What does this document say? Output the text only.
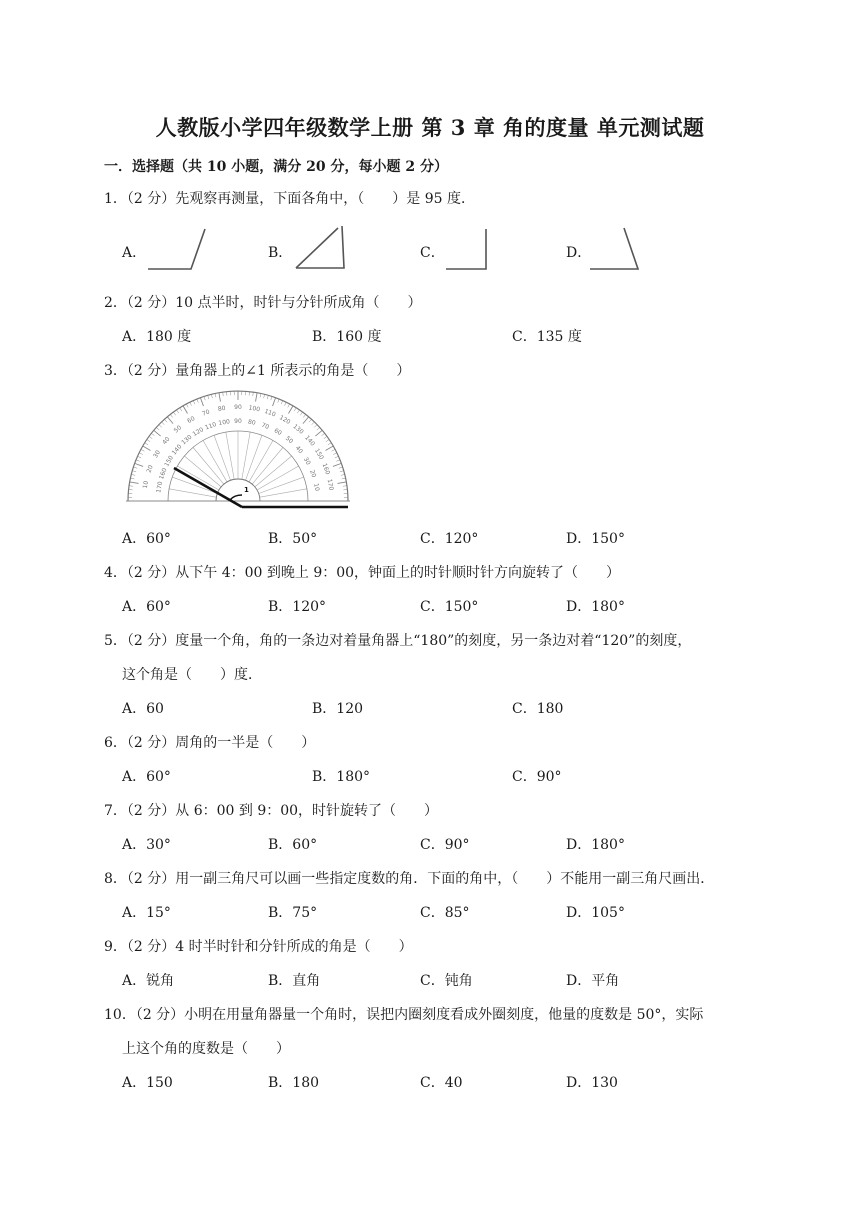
人教版小学四年级数学上册 第 3 章 角的度量 单元测试题
一．选择题（共 10 小题，满分 20 分，每小题 2 分）
1．（2 分）先观察再测量，下面各角中，（　　）是 95 度．
A．	B．	C．	D．
2．（2 分）10 点半时，时针与分针所成角（　　）
A．180 度	B．160 度	C．135 度
3．（2 分）量角器上的∠1 所表示的角是（　　）
170
10
160
20
150
30
140
40
130
50
120
60
110
70
100
80
90
90
80
100
70
110
60
120
50
130
40
140
30
150
20 160
10 170	1
A．60°	B．50°	C．120°	D．150°
4．（2 分）从下午 4：00 到晚上 9：00，钟面上的时针顺时针方向旋转了（　　）
A．60°	B．120°	C．150°	D．180°
5．（2 分）度量一个角，角的一条边对着量角器上“180”的刻度，另一条边对着“120”的刻度，
这个角是（　　）度．
A．60	B．120	C．180
6．（2 分）周角的一半是（　　）
A．60°	B．180°	C．90°
7．（2 分）从 6：00 到 9：00，时针旋转了（　　）
A．30°	B．60°	C．90°	D．180°
8．（2 分）用一副三角尺可以画一些指定度数的角．下面的角中，（　　）不能用一副三角尺画出．
A．15°	B．75°	C．85°	D．105°
9．（2 分）4 时半时针和分针所成的角是（　　）
A．锐角	B．直角	C．钝角	D．平角
10．（2 分）小明在用量角器量一个角时，误把内圈刻度看成外圈刻度，他量的度数是 50°，实际
上这个角的度数是（　　）
A．150	B．180	C．40	D．130
